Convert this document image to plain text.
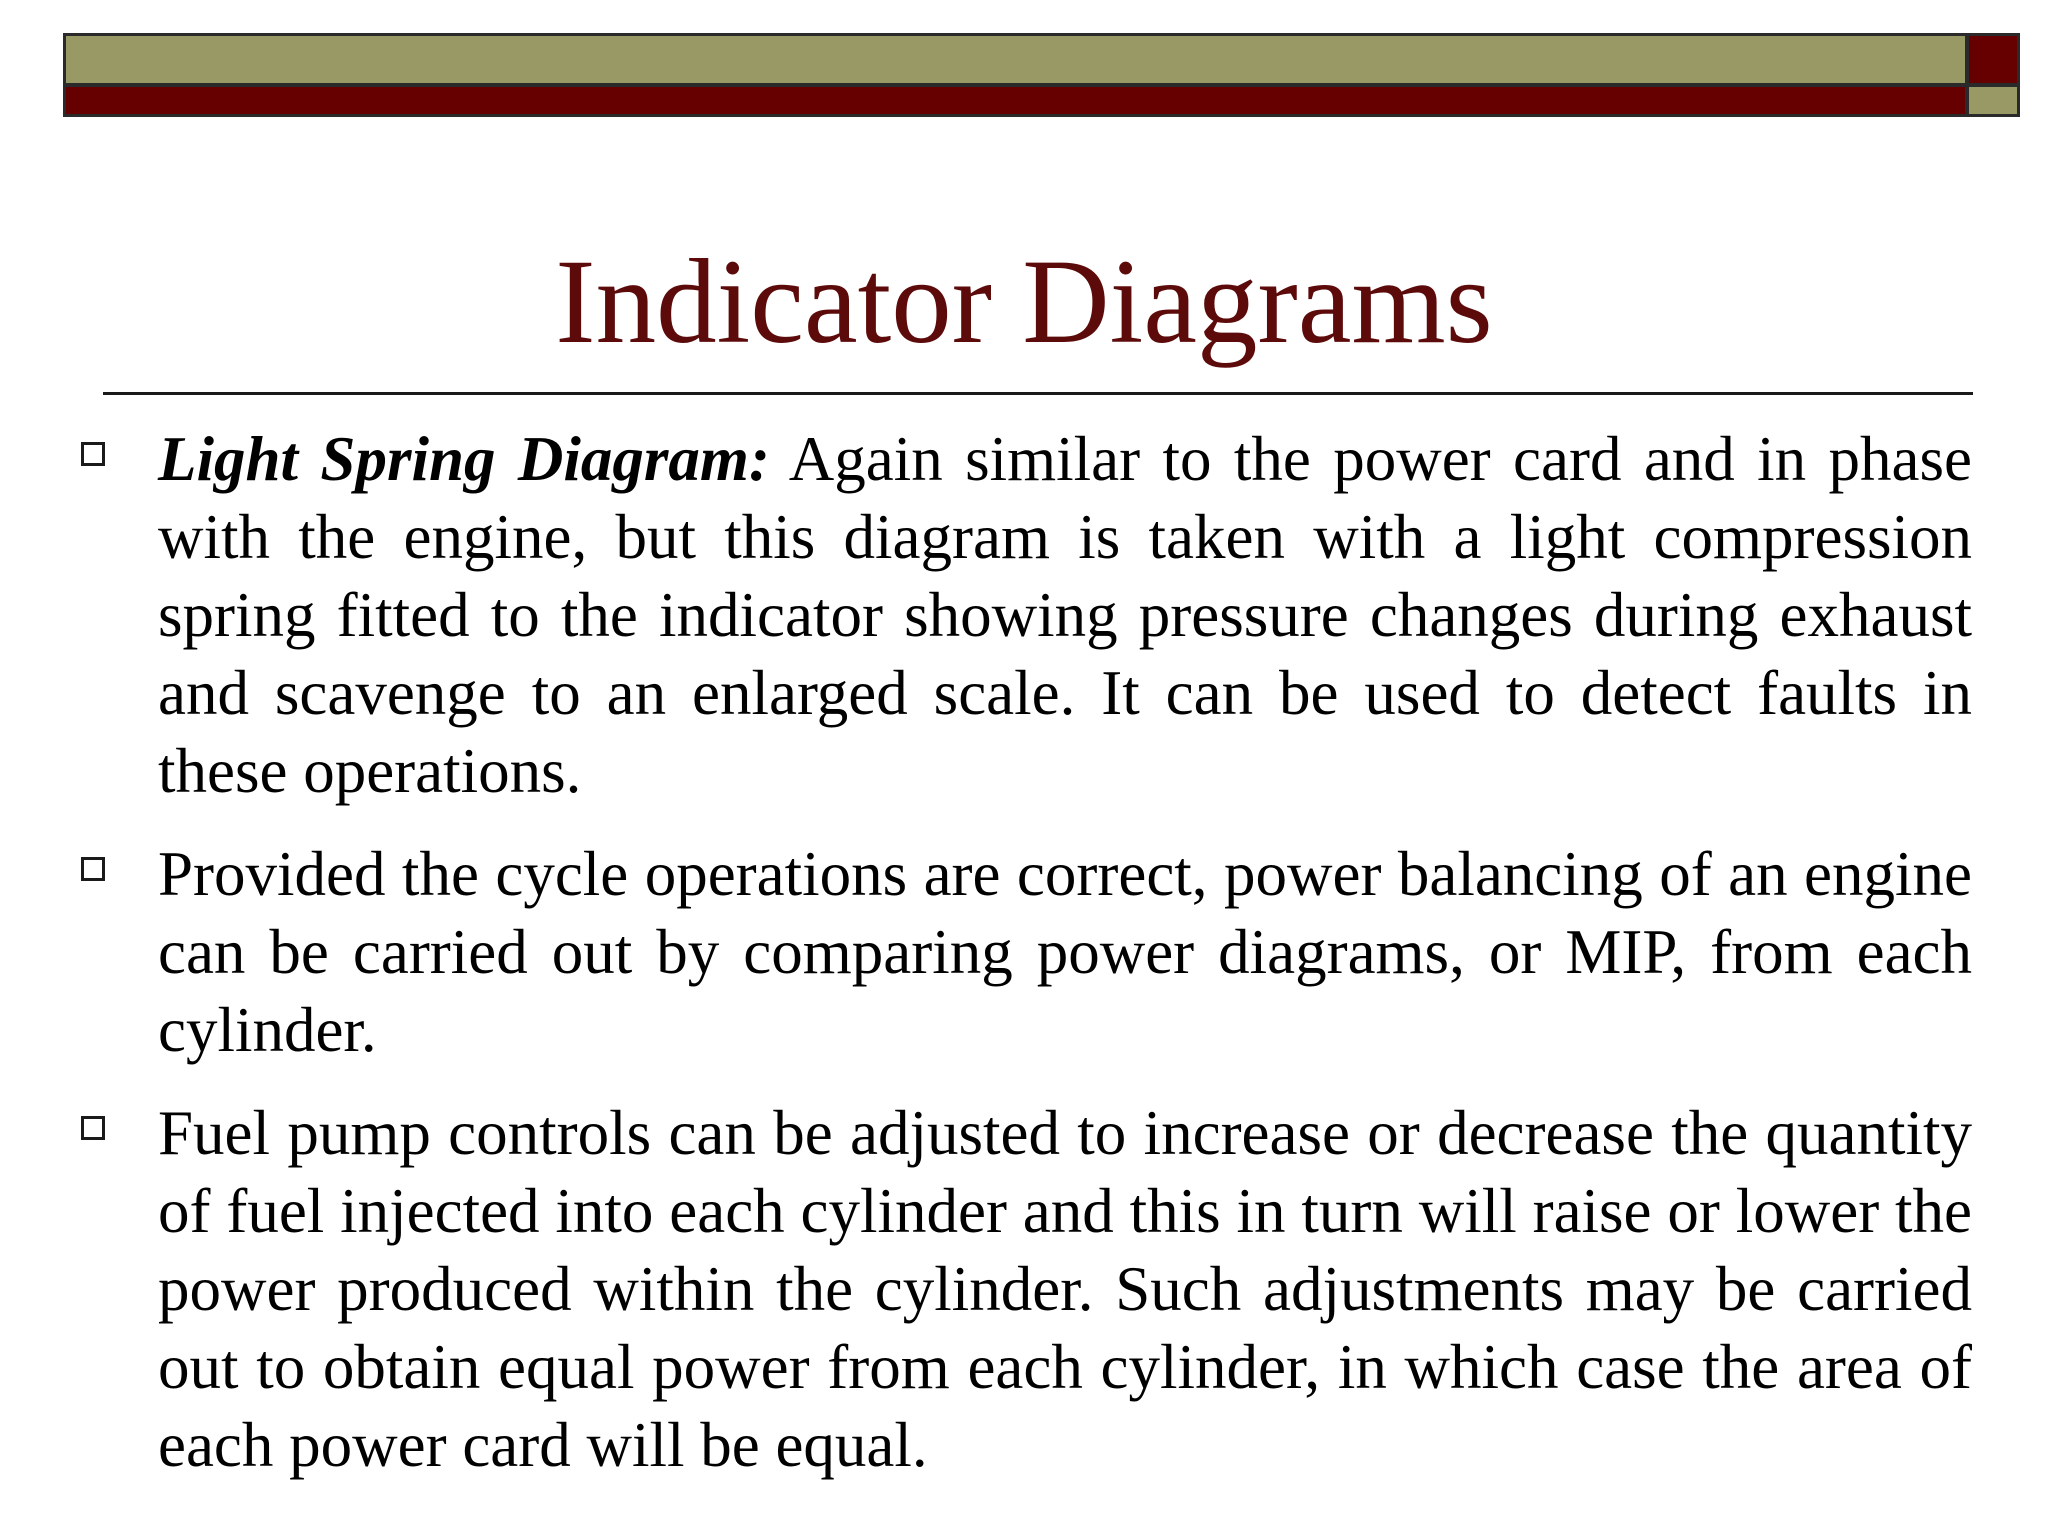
Indicator Diagrams
Light Spring Diagram: Again similar to the power card and in phase with the engine, but this diagram is taken with a light compression spring fitted to the indicator showing pressure changes during exhaust and scavenge to an enlarged scale. It can be used to detect faults in these operations.
Provided the cycle operations are correct, power balancing of an engine can be carried out by comparing power diagrams, or MIP, from each cylinder.
Fuel pump controls can be adjusted to increase or decrease the quantity of fuel injected into each cylinder and this in turn will raise or lower the power produced within the cylinder. Such adjustments may be carried out to obtain equal power from each cylinder, in which case the area of each power card will be equal.
